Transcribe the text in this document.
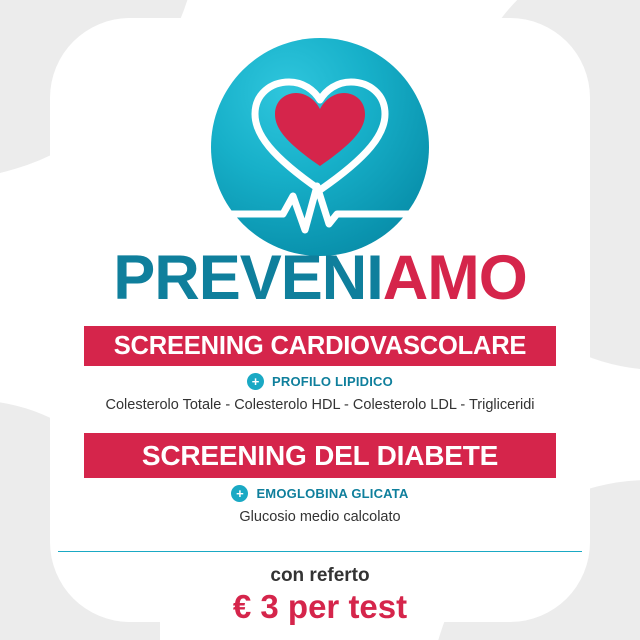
PREVENIAMO
SCREENING CARDIOVASCOLARE
+ PROFILO LIPIDICO
Colesterolo Totale - Colesterolo HDL - Colesterolo LDL - Trigliceridi
SCREENING DEL DIABETE
+ EMOGLOBINA GLICATA
Glucosio medio calcolato
con referto
€ 3 per test
